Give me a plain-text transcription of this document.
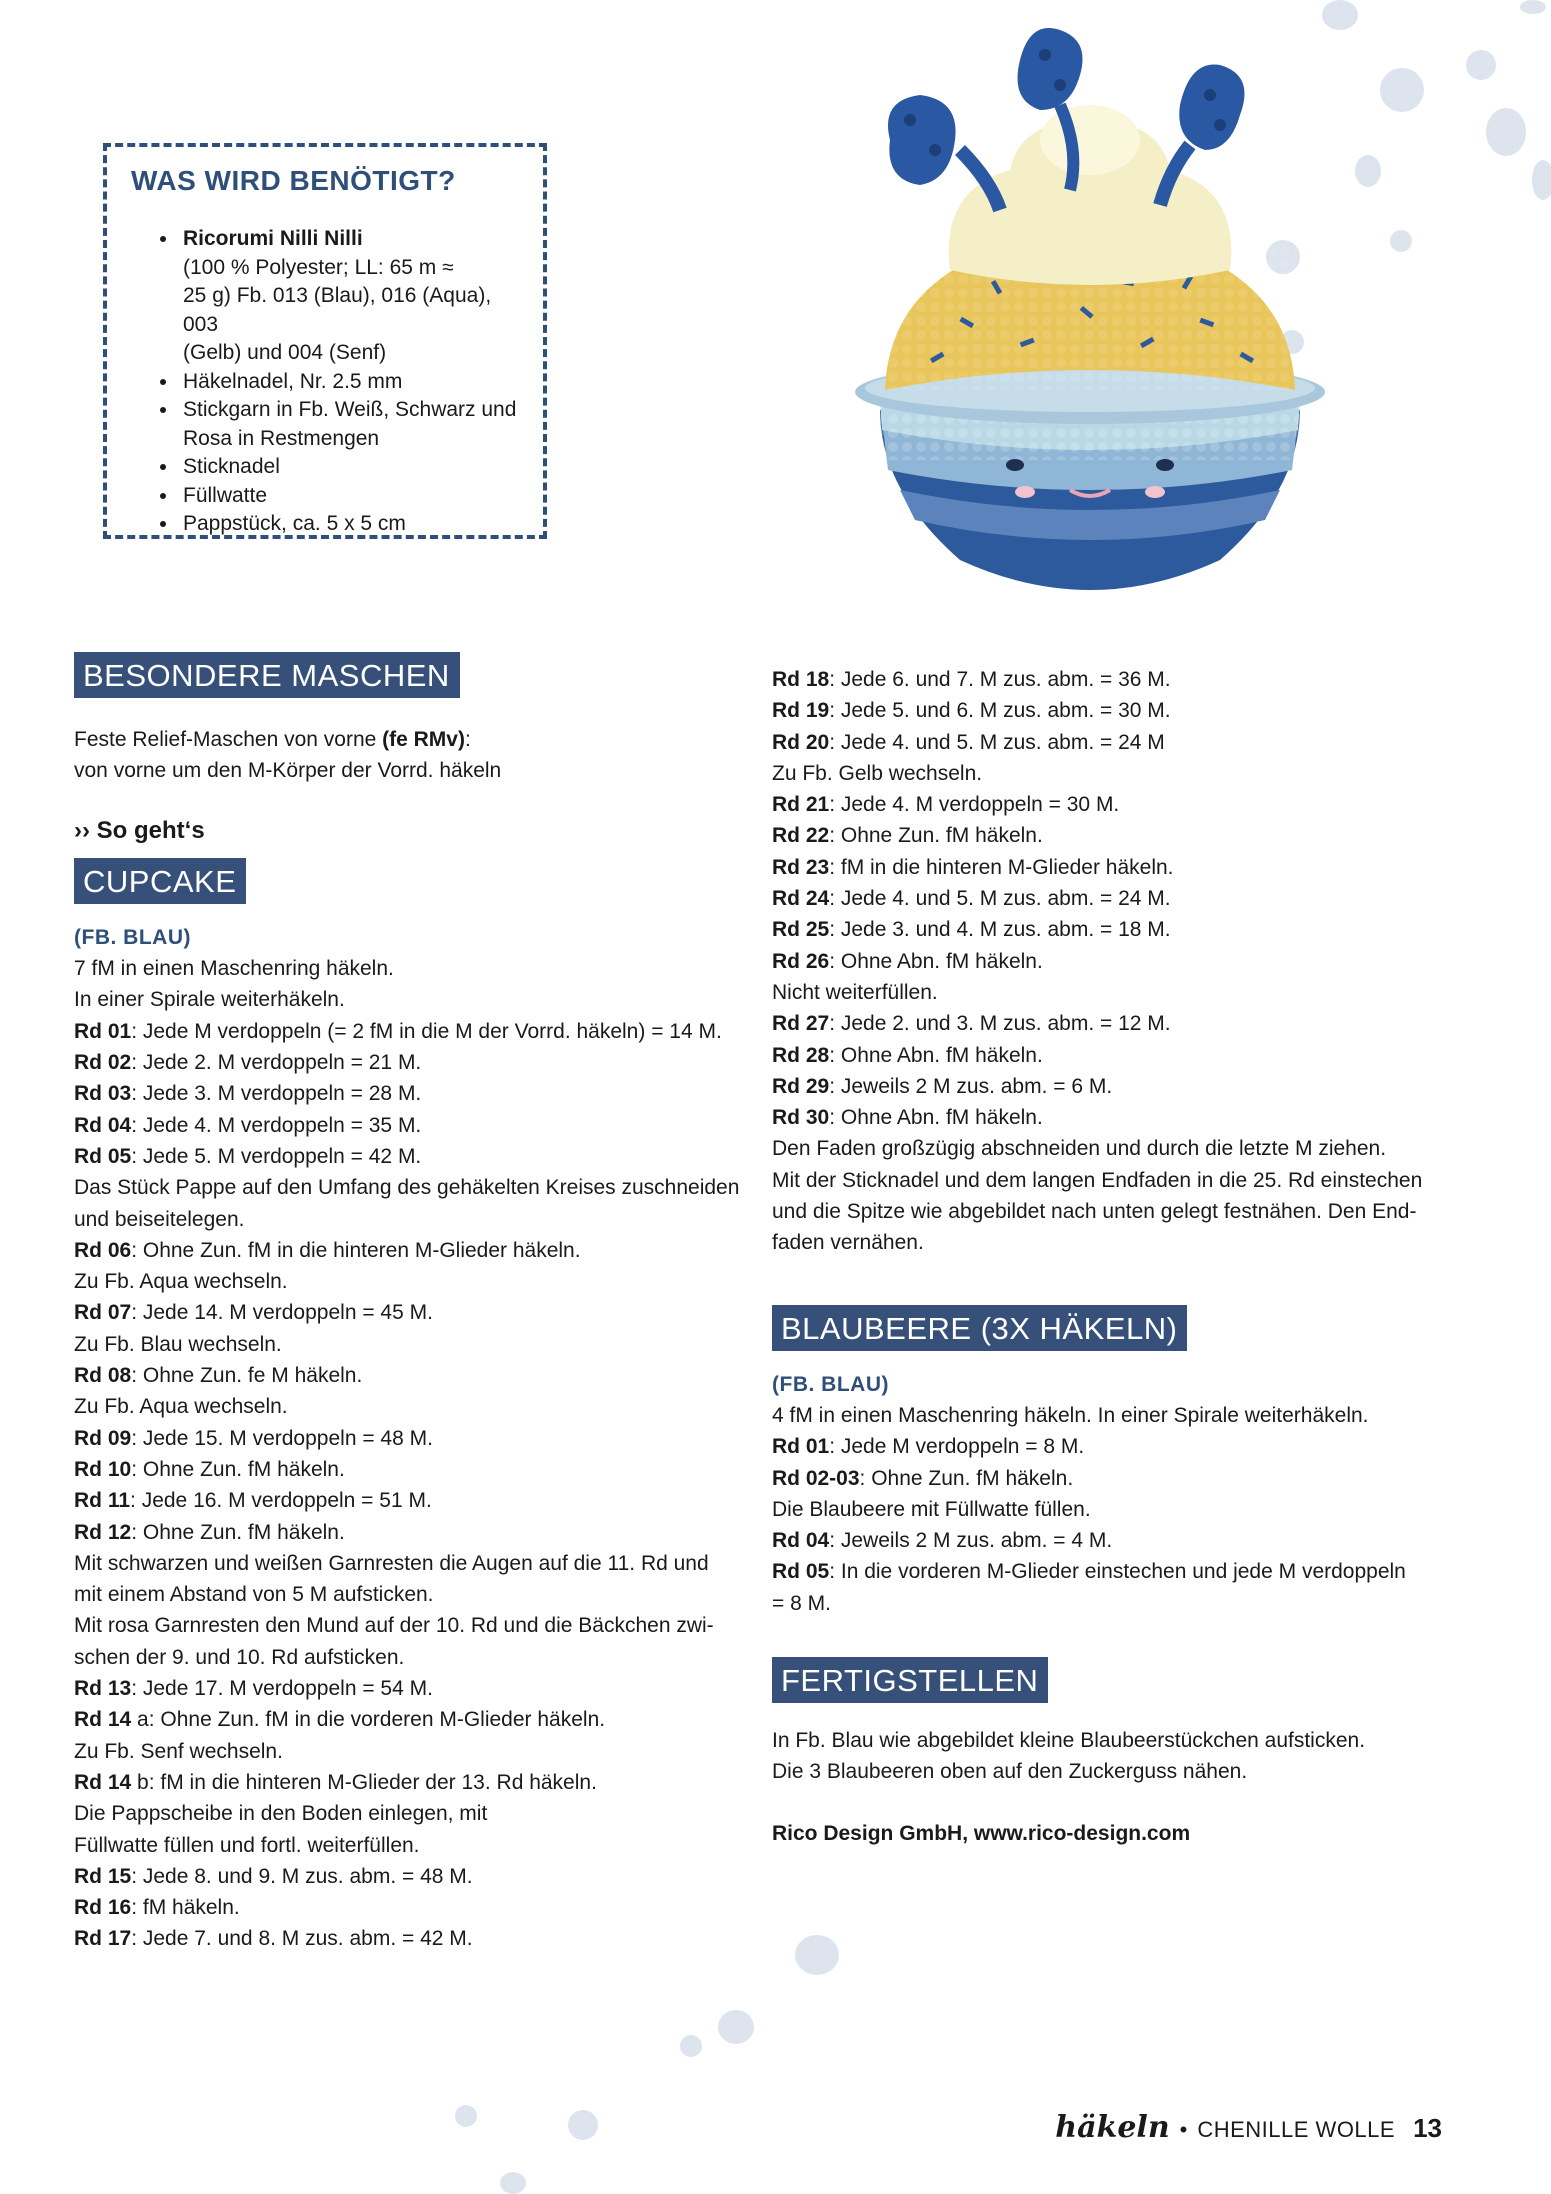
WAS WIRD BENÖTIGT?
• Ricorumi Nilli Nilli
(100 % Polyester; LL: 65 m ≈
25 g) Fb. 013 (Blau), 016 (Aqua), 003
(Gelb) und 004 (Senf)
• Häkelnadel, Nr. 2.5 mm
• Stickgarn in Fb. Weiß, Schwarz und
Rosa in Restmengen
• Sticknadel
• Füllwatte
• Pappstück, ca. 5 x 5 cm
BESONDERE MASCHEN

Feste Relief-Maschen von vorne (fe RMv):

von vorne um den M-Körper der Vorrd. häkeln

›› So geht‘s

CUPCAKE

(FB. BLAU)

7 fM in einen Maschenring häkeln.

In einer Spirale weiterhäkeln.

Rd 01: Jede M verdoppeln (= 2 fM in die M der Vorrd. häkeln) = 14 M.

Rd 02: Jede 2. M verdoppeln = 21 M.

Rd 03: Jede 3. M verdoppeln = 28 M.

Rd 04: Jede 4. M verdoppeln = 35 M.

Rd 05: Jede 5. M verdoppeln = 42 M.

Das Stück Pappe auf den Umfang des gehäkelten Kreises zuschneiden

und beiseitelegen.

Rd 06: Ohne Zun. fM in die hinteren M-Glieder häkeln.

Zu Fb. Aqua wechseln.

Rd 07: Jede 14. M verdoppeln = 45 M.

Zu Fb. Blau wechseln.

Rd 08: Ohne Zun. fe M häkeln.

Zu Fb. Aqua wechseln.

Rd 09: Jede 15. M verdoppeln = 48 M.

Rd 10: Ohne Zun. fM häkeln.

Rd 11: Jede 16. M verdoppeln = 51 M.

Rd 12: Ohne Zun. fM häkeln.

Mit schwarzen und weißen Garnresten die Augen auf die 11. Rd und

mit einem Abstand von 5 M aufsticken.

Mit rosa Garnresten den Mund auf der 10. Rd und die Bäckchen zwi-

schen der 9. und 10. Rd aufsticken.

Rd 13: Jede 17. M verdoppeln = 54 M.

Rd 14 a: Ohne Zun. fM in die vorderen M-Glieder häkeln.

Zu Fb. Senf wechseln.

Rd 14 b: fM in die hinteren M-Glieder der 13. Rd häkeln.

Die Pappscheibe in den Boden einlegen, mit

Füllwatte füllen und fortl. weiterfüllen.

Rd 15: Jede 8. und 9. M zus. abm. = 48 M.

Rd 16: fM häkeln.

Rd 17: Jede 7. und 8. M zus. abm. = 42 M.

Rd 18: Jede 6. und 7. M zus. abm. = 36 M.

Rd 19: Jede 5. und 6. M zus. abm. = 30 M.

Rd 20: Jede 4. und 5. M zus. abm. = 24 M

Zu Fb. Gelb wechseln.

Rd 21: Jede 4. M verdoppeln = 30 M.

Rd 22: Ohne Zun. fM häkeln.

Rd 23: fM in die hinteren M-Glieder häkeln.

Rd 24: Jede 4. und 5. M zus. abm. = 24 M.

Rd 25: Jede 3. und 4. M zus. abm. = 18 M.

Rd 26: Ohne Abn. fM häkeln.

Nicht weiterfüllen.

Rd 27: Jede 2. und 3. M zus. abm. = 12 M.

Rd 28: Ohne Abn. fM häkeln.

Rd 29: Jeweils 2 M zus. abm. = 6 M.

Rd 30: Ohne Abn. fM häkeln.

Den Faden großzügig abschneiden und durch die letzte M ziehen.

Mit der Sticknadel und dem langen Endfaden in die 25. Rd einstechen

und die Spitze wie abgebildet nach unten gelegt festnähen. Den End-

faden vernähen.

BLAUBEERE (3X HÄKELN)

(FB. BLAU)

4 fM in einen Maschenring häkeln. In einer Spirale weiterhäkeln.

Rd 01: Jede M verdoppeln = 8 M.

Rd 02-03: Ohne Zun. fM häkeln.

Die Blaubeere mit Füllwatte füllen.

Rd 04: Jeweils 2 M zus. abm. = 4 M.

Rd 05: In die vorderen M-Glieder einstechen und jede M verdoppeln

= 8 M.

FERTIGSTELLEN

In Fb. Blau wie abgebildet kleine Blaubeerstückchen aufsticken.

Die 3 Blaubeeren oben auf den Zuckerguss nähen.

Rico Design GmbH, www.rico-design.com

häkeln • CHENILLE WOLLE 13
